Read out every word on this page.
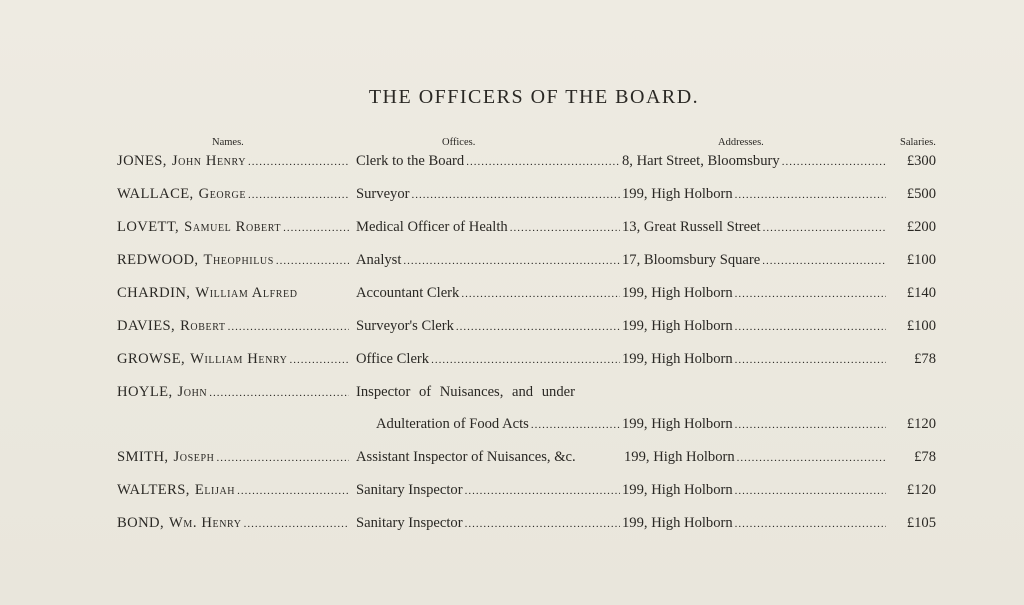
THE OFFICERS OF THE BOARD.
Names.	Offices.	Addresses.	Salaries.
JONES, John Henry .....	Clerk to the Board .....	8, Hart Street, Bloomsbury .....	£300
WALLACE, George .....	Surveyor .....	199, High Holborn .....	£500
LOVETT, Samuel Robert .....	Medical Officer of Health .....	13, Great Russell Street .....	£200
REDWOOD, Theophilus .....	Analyst .....	17, Bloomsbury Square .....	£100
CHARDIN, William Alfred	Accountant Clerk .....	199, High Holborn .....	£140
DAVIES, Robert .....	Surveyor's Clerk .....	199, High Holborn .....	£100
GROWSE, William Henry .....	Office Clerk .....	199, High Holborn .....	£78
HOYLE, John .....	Inspector of Nuisances, and under
Adulteration of Food Acts .....	199, High Holborn .....	£120
SMITH, Joseph .....	Assistant Inspector of Nuisances, &c.	199, High Holborn .....	£78
WALTERS, Elijah .....	Sanitary Inspector .....	199, High Holborn .....	£120
BOND, Wm. Henry .....	Sanitary Inspector .....	199, High Holborn .....	£105
